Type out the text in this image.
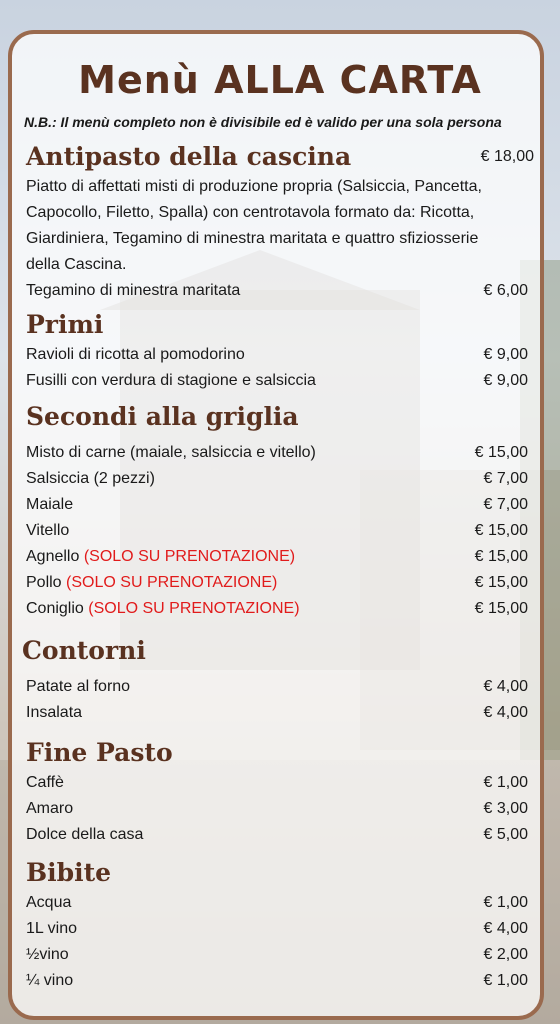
Menù ALLA CARTA
N.B.: Il menù completo non è divisibile ed è valido per una sola persona
Antipasto della cascina	€ 18,00
Piatto di affettati misti di produzione propria (Salsiccia, Pancetta, Capocollo, Filetto, Spalla) con centrotavola formato da: Ricotta, Giardiniera, Tegamino di minestra maritata e quattro sfiziosserie della Cascina.
Tegamino di minestra maritata	€ 6,00
Primi
Ravioli di ricotta al pomodorino	€ 9,00
Fusilli con verdura di stagione e salsiccia	€ 9,00
Secondi alla griglia
Misto di carne (maiale, salsiccia e vitello)	€ 15,00
Salsiccia (2 pezzi)	€ 7,00
Maiale	€ 7,00
Vitello	€ 15,00
Agnello (SOLO SU PRENOTAZIONE)	€ 15,00
Pollo (SOLO SU PRENOTAZIONE)	€ 15,00
Coniglio (SOLO SU PRENOTAZIONE)	€ 15,00
Contorni
Patate al forno	€ 4,00
Insalata	€ 4,00
Fine Pasto
Caffè	€ 1,00
Amaro	€ 3,00
Dolce della casa	€ 5,00
Bibite
Acqua	€ 1,00
1L vino	€ 4,00
½vino	€ 2,00
¼ vino	€ 1,00
